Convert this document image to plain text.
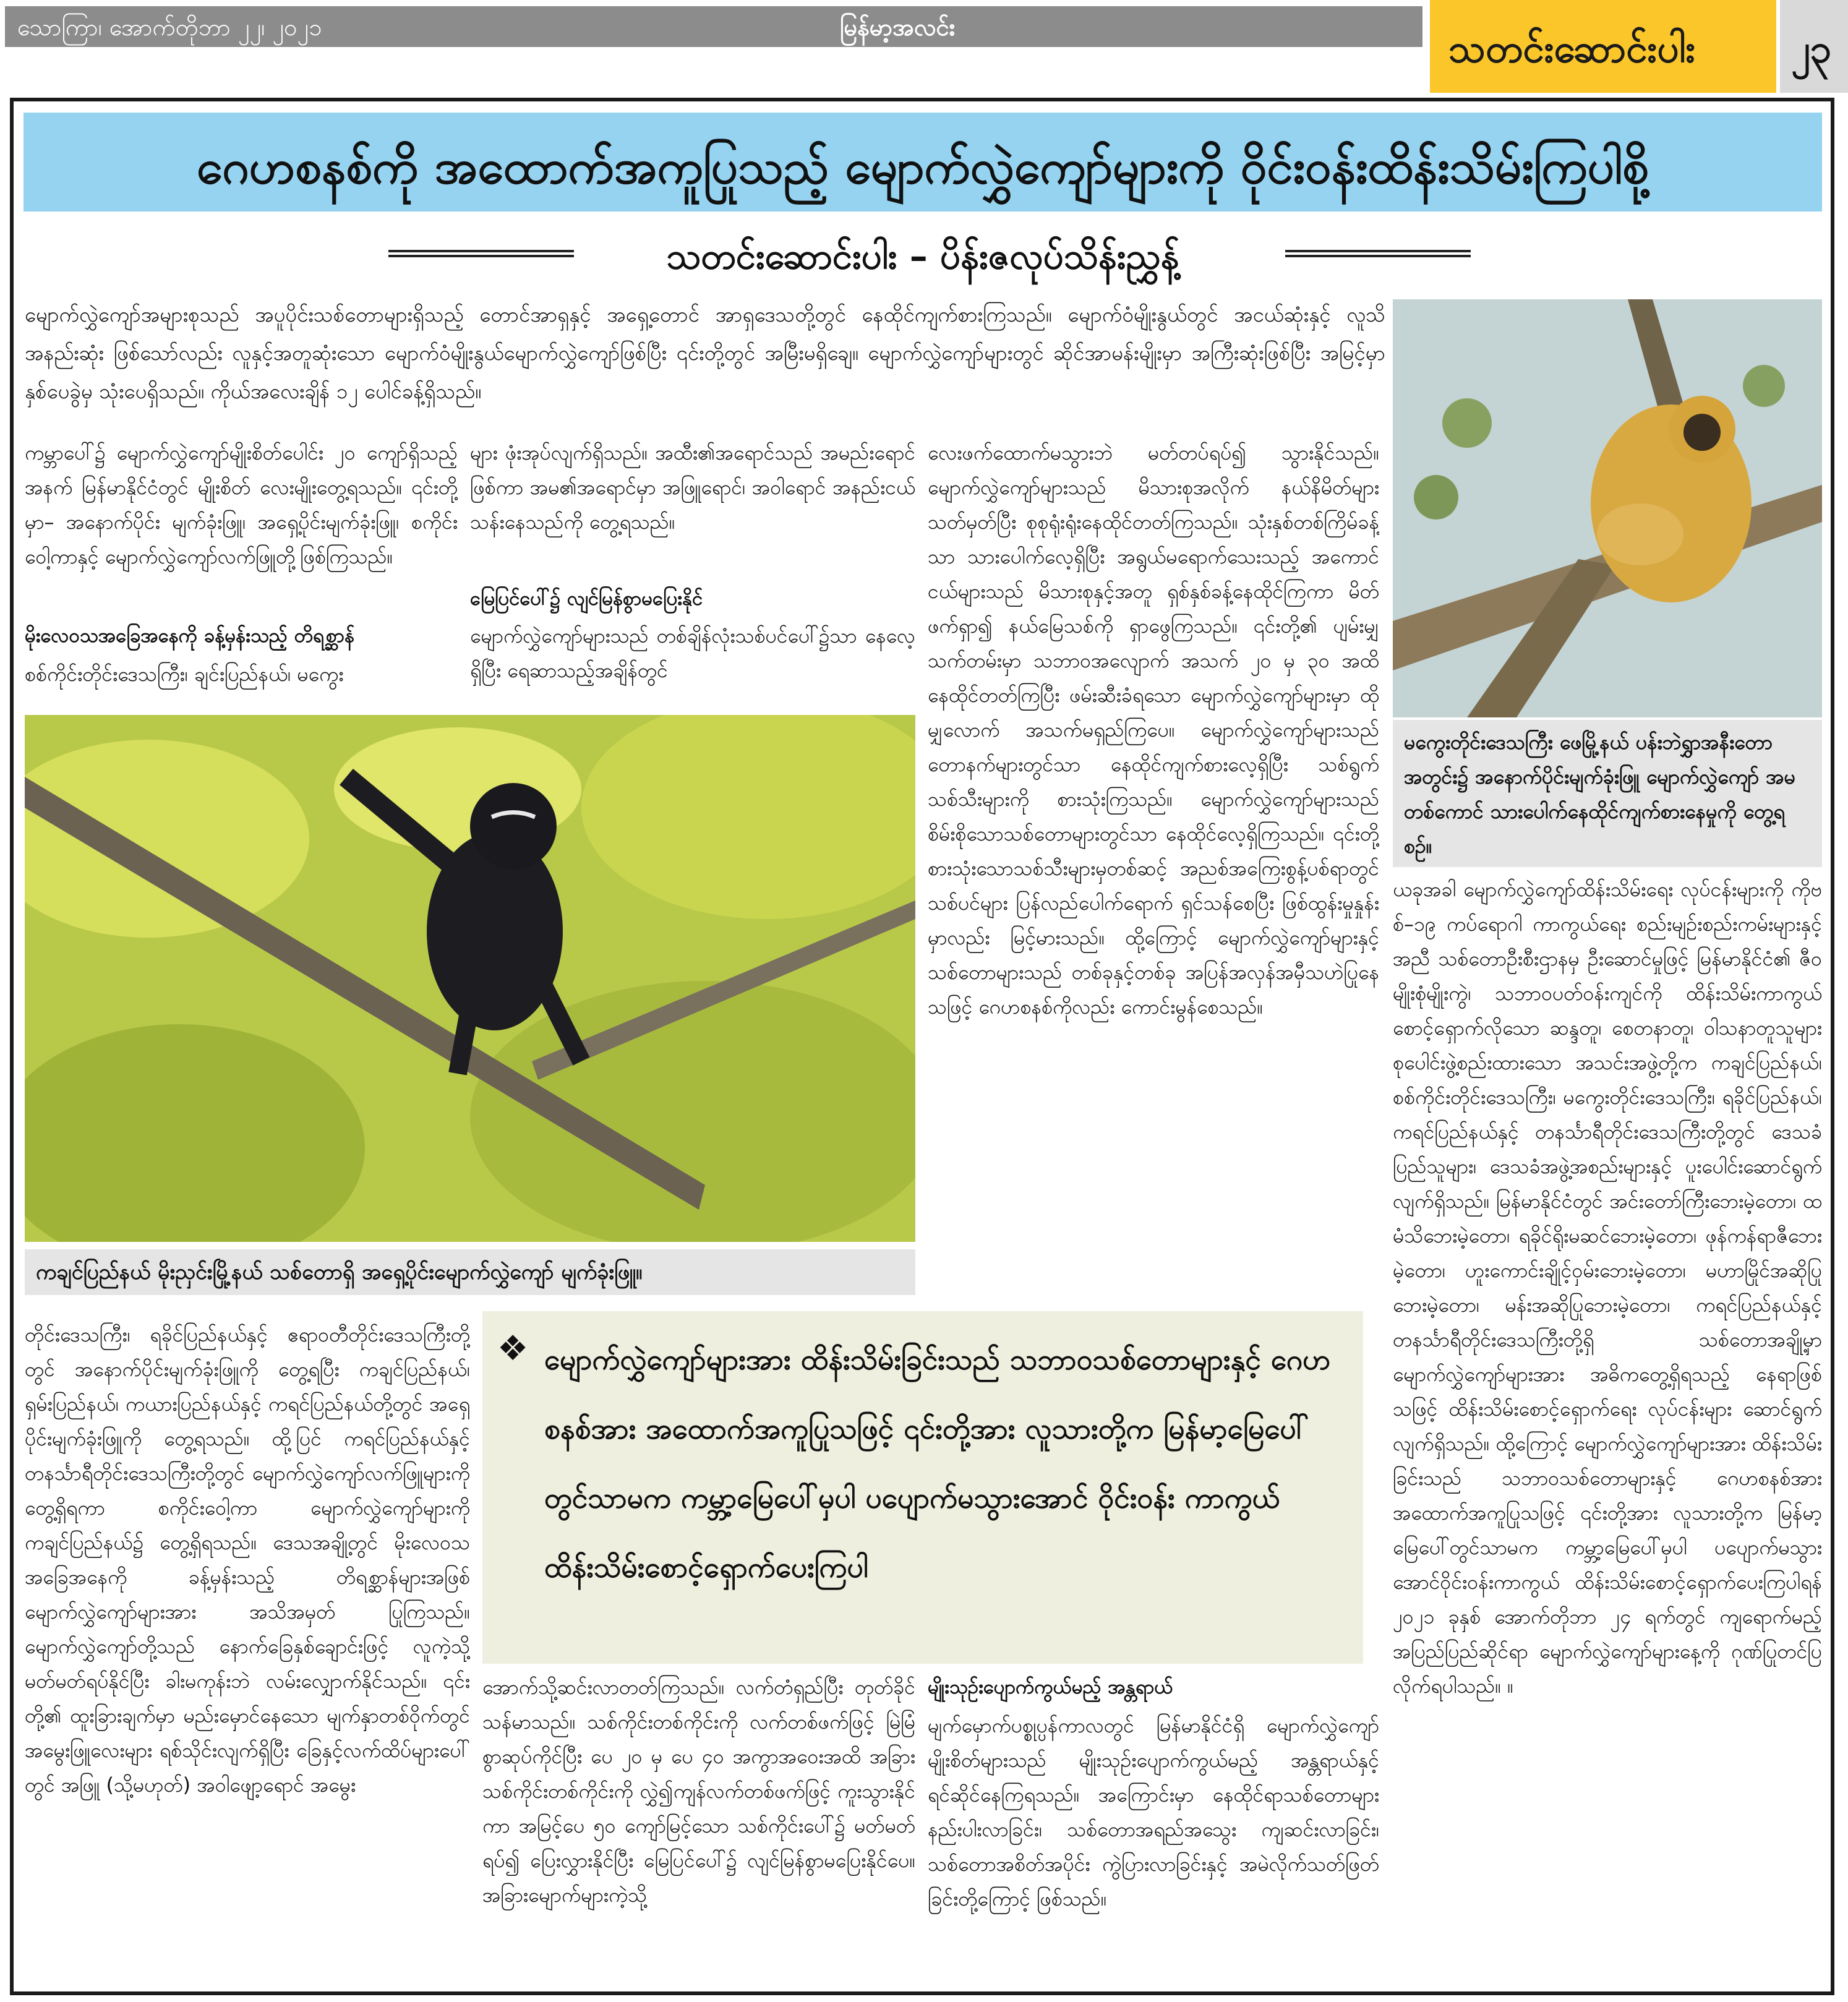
သောကြာ၊ အောက်တိုဘာ ၂၂၊ ၂၀၂၁	မြန်မာ့အလင်း	သတင်းဆောင်းပါး ၂၃
ဂေဟစနစ်ကို အထောက်အကူပြုသည့် မျောက်လွှဲကျော်များကို ဝိုင်းဝန်းထိန်းသိမ်းကြပါစို့
သတင်းဆောင်းပါး – ပိန်းဇလုပ်သိန်းညွှန့်
မျောက်လွှဲကျော်အများစုသည် အပူပိုင်းသစ်တောများရှိသည့် တောင်အာရှနှင့် အရှေ့တောင် အာရှဒေသတို့တွင် နေထိုင်ကျက်စားကြသည်။ မျောက်ဝံမျိုးနွယ်တွင် အငယ်ဆုံးနှင့် လူသိအနည်းဆုံး ဖြစ်သော်လည်း လူနှင့်အတူဆုံးသော မျောက်ဝံမျိုးနွယ်မျောက်လွှဲကျော်ဖြစ်ပြီး ၎င်းတို့တွင် အမြီးမရှိချေ။ မျောက်လွှဲကျော်များတွင် ဆိုင်အာမန်းမျိုးမှာ အကြီးဆုံးဖြစ်ပြီး အမြင့်မှာ နှစ်ပေခွဲမှ သုံးပေရှိသည်။ ကိုယ်အလေးချိန် ၁၂ ပေါင်ခန့်ရှိသည်။
မကွေးတိုင်းဒေသကြီး ဖေမြို့နယ် ပန်းဘဲရွှာအနီးတောအတွင်း၌ အနောက်ပိုင်းမျက်ခုံးဖြူ မျောက်လွှဲကျော် အမတစ်ကောင် သားပေါက်နေထိုင်ကျက်စားနေမှုကို တွေ့ရစဉ်။
ကမ္ဘာပေါ်၌ မျောက်လွှဲကျော်မျိုးစိတ်ပေါင်း ၂၀ ကျော်ရှိသည့်အနက် မြန်မာနိုင်ငံတွင် မျိုးစိတ် လေးမျိုးတွေ့ရသည်။ ၎င်းတို့မှာ– အနောက်ပိုင်း မျက်ခုံးဖြူ၊ အရှေ့ပိုင်းမျက်ခုံးဖြူ၊ စကိုင်းဝေါ့ကာနှင့် မျောက်လွှဲကျော်လက်ဖြူတို့ဖြစ်ကြသည်။
မိုးလေဝသအခြေအနေကို ခန့်မှန်းသည့် တိရစ္ဆာန်
စစ်ကိုင်းတိုင်းဒေသကြီး၊ ချင်းပြည်နယ်၊ မကွေး
များ ဖုံးအုပ်လျက်ရှိသည်။ အထီး၏အရောင်သည် အမည်းရောင်ဖြစ်ကာ အမ၏အရောင်မှာ အဖြူရောင်၊ အဝါရောင် အနည်းငယ်သန်းနေသည်ကို တွေ့ရသည်။
မြေပြင်ပေါ်၌ လျင်မြန်စွာမပြေးနိုင်
မျောက်လွှဲကျော်များသည် တစ်ချိန်လုံးသစ်ပင်ပေါ်၌သာ နေလေ့ရှိပြီး ရေဆာသည့်အချိန်တွင်
ကချင်ပြည်နယ် မိုးညှင်းမြို့နယ် သစ်တောရှိ အရှေ့ပိုင်းမျောက်လွှဲကျော် မျက်ခုံးဖြူ။
လေးဖက်ထောက်မသွားဘဲ မတ်တပ်ရပ်၍ သွားနိုင်သည်။ မျောက်လွှဲကျော်များသည် မိသားစုအလိုက် နယ်နိမိတ်များ သတ်မှတ်ပြီး စုစုရုံးရုံးနေထိုင်တတ်ကြသည်။ သုံးနှစ်တစ်ကြိမ်ခန့်သာ သားပေါက်လေ့ရှိပြီး အရွယ်မရောက်သေးသည့် အကောင်ငယ်များသည် မိသားစုနှင့်အတူ ရှစ်နှစ်ခန့်နေထိုင်ကြကာ မိတ်ဖက်ရှာ၍ နယ်မြေသစ်ကို ရှာဖွေကြသည်။ ၎င်းတို့၏ ပျမ်းမျှသက်တမ်းမှာ သဘာဝအလျောက် အသက် ၂၀ မှ ၃၀ အထိ နေထိုင်တတ်ကြပြီး ဖမ်းဆီးခံရသော မျောက်လွှဲကျော်များမှာ ထိုမျှလောက် အသက်မရှည်ကြပေ။ မျောက်လွှဲကျော်များသည် တောနက်များတွင်သာ နေထိုင်ကျက်စားလေ့ရှိပြီး သစ်ရွက်သစ်သီးများကို စားသုံးကြသည်။ မျောက်လွှဲကျော်များသည် စိမ်းစိုသောသစ်တောများတွင်သာ နေထိုင်လေ့ရှိကြသည်။ ၎င်းတို့ စားသုံးသောသစ်သီးများမှတစ်ဆင့် အညစ်အကြေးစွန့်ပစ်ရာတွင် သစ်ပင်များ ပြန်လည်ပေါက်ရောက် ရှင်သန်စေပြီး ဖြစ်ထွန်းမှုနှုန်းမှာလည်း မြင့်မားသည်။ ထို့ကြောင့် မျောက်လွှဲကျော်များနှင့် သစ်တောများသည် တစ်ခုနှင့်တစ်ခု အပြန်အလှန်အမှီသဟဲပြုနေသဖြင့် ဂေဟစနစ်ကိုလည်း ကောင်းမွန်စေသည်။
ယခုအခါ မျောက်လွှဲကျော်ထိန်းသိမ်းရေး လုပ်ငန်းများကို ကိုဗစ်–၁၉ ကပ်ရောဂါ ကာကွယ်ရေး စည်းမျဉ်းစည်းကမ်းများနှင့်အညီ သစ်တောဦးစီးဌာနမှ ဦးဆောင်မှုဖြင့် မြန်မာနိုင်ငံ၏ ဇီဝမျိုးစုံမျိုးကွဲ၊ သဘာဝပတ်ဝန်းကျင်ကို ထိန်းသိမ်းကာကွယ်စောင့်ရှောက်လိုသော ဆန္ဒတူ၊ စေတနာတူ၊ ဝါသနာတူသူများ စုပေါင်းဖွဲ့စည်းထားသော အသင်းအဖွဲ့တို့က ကချင်ပြည်နယ်၊ စစ်ကိုင်းတိုင်းဒေသကြီး၊ မကွေးတိုင်းဒေသကြီး၊ ရခိုင်ပြည်နယ်၊ ကရင်ပြည်နယ်နှင့် တနင်္သာရီတိုင်းဒေသကြီးတို့တွင် ဒေသခံပြည်သူများ၊ ဒေသခံအဖွဲ့အစည်းများနှင့် ပူးပေါင်းဆောင်ရွက်လျက်ရှိသည်။ မြန်မာနိုင်ငံတွင် အင်းတော်ကြီးဘေးမဲ့တော၊ ထမံသိဘေးမဲ့တော၊ ရခိုင်ရိုးမဆင်ဘေးမဲ့တော၊ ဖုန်ကန်ရာဇီဘေးမဲ့တော၊ ဟူးကောင်းချိုင့်ဝှမ်းဘေးမဲ့တော၊ မဟာမြိုင်အဆိုပြုဘေးမဲ့တော၊ မန်းအဆိုပြုဘေးမဲ့တော၊ ကရင်ပြည်နယ်နှင့် တနင်္သာရီတိုင်းဒေသကြီးတို့ရှိ သစ်တောအချို့မှာ မျောက်လွှဲကျော်များအား အဓိကတွေ့ရှိရသည့် နေရာဖြစ်သဖြင့် ထိန်းသိမ်းစောင့်ရှောက်ရေး လုပ်ငန်းများ ဆောင်ရွက်လျက်ရှိသည်။ ထို့ကြောင့် မျောက်လွှဲကျော်များအား ထိန်းသိမ်းခြင်းသည် သဘာဝသစ်တောများနှင့် ဂေဟစနစ်အား အထောက်အကူပြုသဖြင့် ၎င်းတို့အား လူသားတို့က မြန်မာ့မြေပေါ်တွင်သာမက ကမ္ဘာ့မြေပေါ်မှပါ ပပျောက်မသွားအောင်ဝိုင်းဝန်းကာကွယ် ထိန်းသိမ်းစောင့်ရှောက်ပေးကြပါရန် ၂၀၂၁ ခုနှစ် အောက်တိုဘာ ၂၄ ရက်တွင် ကျရောက်မည့် အပြည်ပြည်ဆိုင်ရာ မျောက်လွှဲကျော်များနေ့ကို ဂုဏ်ပြုတင်ပြလိုက်ရပါသည်။ ။
❖ မျောက်လွှဲကျော်များအား ထိန်းသိမ်းခြင်းသည် သဘာဝသစ်တောများနှင့် ဂေဟစနစ်အား အထောက်အကူပြုသဖြင့် ၎င်းတို့အား လူသားတို့က မြန်မာ့မြေပေါ်တွင်သာမက ကမ္ဘာ့မြေပေါ်မှပါ ပပျောက်မသွားအောင် ဝိုင်းဝန်း ကာကွယ်ထိန်းသိမ်းစောင့်ရှောက်ပေးကြပါ
တိုင်းဒေသကြီး၊ ရခိုင်ပြည်နယ်နှင့် ဧရာဝတီတိုင်းဒေသကြီးတို့တွင် အနောက်ပိုင်းမျက်ခုံးဖြူကို တွေ့ရပြီး ကချင်ပြည်နယ်၊ ရှမ်းပြည်နယ်၊ ကယားပြည်နယ်နှင့် ကရင်ပြည်နယ်တို့တွင် အရှေ့ပိုင်းမျက်ခုံးဖြူကို တွေ့ရသည်။ ထို့ပြင် ကရင်ပြည်နယ်နှင့် တနင်္သာရီတိုင်းဒေသကြီးတို့တွင် မျောက်လွှဲကျော်လက်ဖြူများကိုတွေ့ရှိရကာ စကိုင်းဝေါ့ကာ မျောက်လွှဲကျော်များကို ကချင်ပြည်နယ်၌ တွေ့ရှိရသည်။ ဒေသအချို့တွင် မိုးလေဝသအခြေအနေကို ခန့်မှန်းသည့် တိရစ္ဆာန်များအဖြစ် မျောက်လွှဲကျော်များအား အသိအမှတ် ပြုကြသည်။ မျောက်လွှဲကျော်တို့သည် နောက်ခြေနှစ်ချောင်းဖြင့် လူကဲ့သို့ မတ်မတ်ရပ်နိုင်ပြီး ခါးမကုန်းဘဲ လမ်းလျှောက်နိုင်သည်။ ၎င်းတို့၏ ထူးခြားချက်မှာ မည်းမှောင်နေသော မျက်နှာတစ်ဝိုက်တွင် အမွေးဖြူလေးများ ရစ်သိုင်းလျက်ရှိပြီး ခြေနှင့်လက်ထိပ်များပေါ်တွင် အဖြူ (သို့မဟုတ်) အဝါဖျော့ရောင် အမွေး
အောက်သို့ဆင်းလာတတ်ကြသည်။ လက်တံရှည်ပြီး တုတ်ခိုင် သန်မာသည်။ သစ်ကိုင်းတစ်ကိုင်းကို လက်တစ်ဖက်ဖြင့် မြဲမြံစွာဆုပ်ကိုင်ပြီး ပေ ၂၀ မှ ပေ ၄၀ အကွာအဝေးအထိ အခြားသစ်ကိုင်းတစ်ကိုင်းကို လွှဲ၍ကျန်လက်တစ်ဖက်ဖြင့် ကူးသွားနိုင်ကာ အမြင့်ပေ ၅၀ ကျော်မြင့်သော သစ်ကိုင်းပေါ်၌ မတ်မတ်ရပ်၍ ပြေးလွှားနိုင်ပြီး မြေပြင်ပေါ်၌ လျင်မြန်စွာမပြေးနိုင်ပေ။ အခြားမျောက်များကဲ့သို့
မျိုးသုဉ်းပျောက်ကွယ်မည့် အန္တရာယ်
မျက်မှောက်ပစ္စုပ္ပန်ကာလတွင် မြန်မာနိုင်ငံရှိ မျောက်လွှဲကျော်မျိုးစိတ်များသည် မျိုးသုဉ်းပျောက်ကွယ်မည့် အန္တရာယ်နှင့် ရင်ဆိုင်နေကြရသည်။ အကြောင်းမှာ နေထိုင်ရာသစ်တောများ နည်းပါးလာခြင်း၊ သစ်တောအရည်အသွေး ကျဆင်းလာခြင်း၊ သစ်တောအစိတ်အပိုင်း ကွဲပြားလာခြင်းနှင့် အမဲလိုက်သတ်ဖြတ်ခြင်းတို့ကြောင့် ဖြစ်သည်။
